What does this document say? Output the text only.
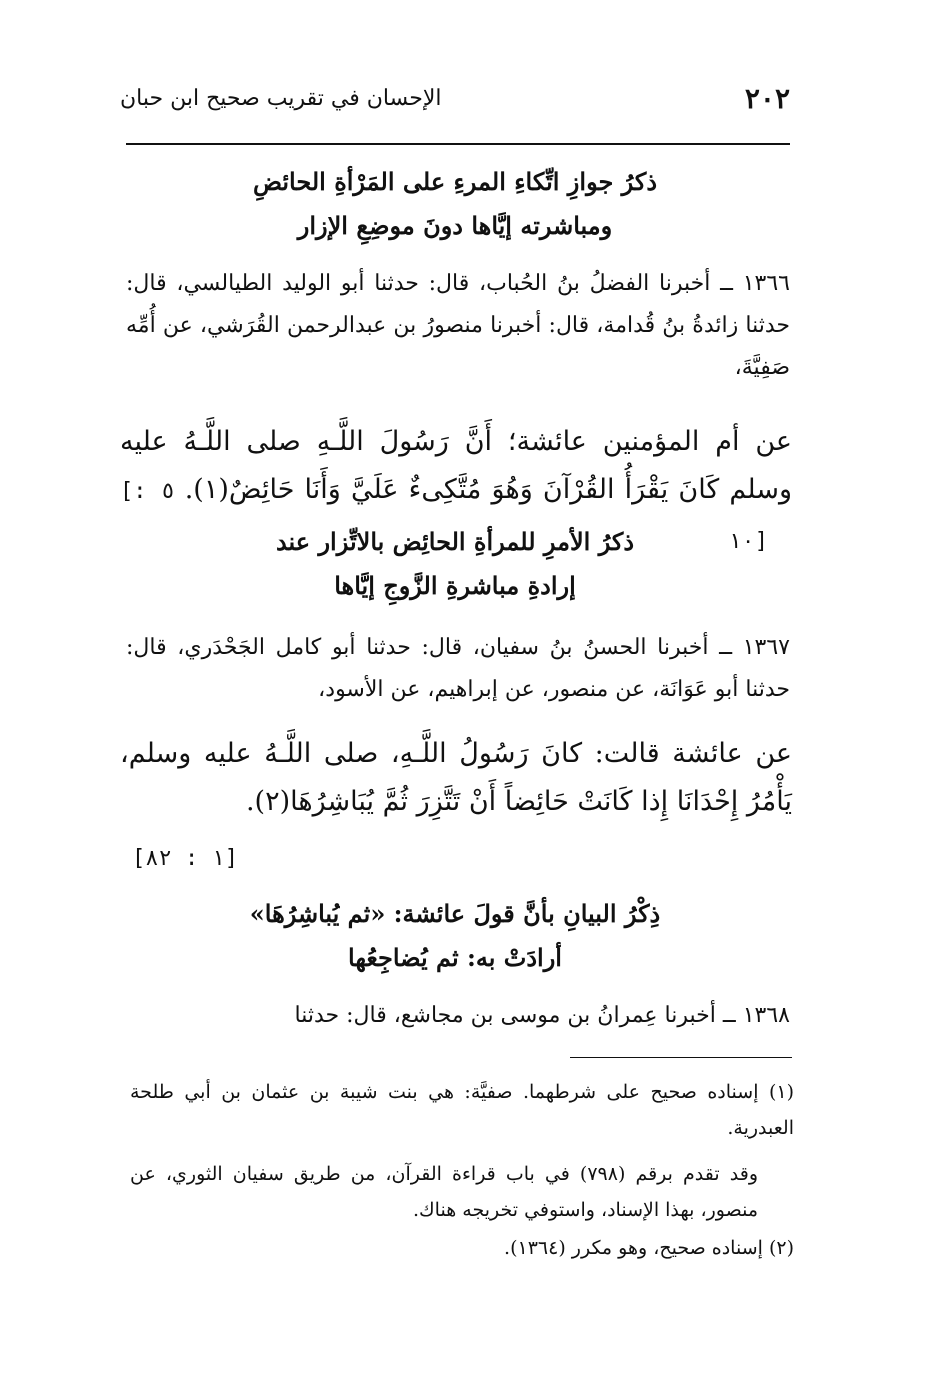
٢٠٢
الإحسان في تقريب صحيح ابن حبان
ذكرُ جوازِ اتِّكاءِ المرءِ على المَرْأةِ الحائضِ
ومباشرته إيَّاها دونَ موضِعِ الإزار
١٣٦٦ ــ أخبرنا الفضلُ بنُ الحُباب، قال: حدثنا أبو الوليد الطيالسي، قال: حدثنا زائدةُ بنُ قُدامة، قال: أخبرنا منصورُ بن عبدالرحمن القُرَشي، عن أُمِّه صَفِيَّةَ،
عن أم المؤمنين عائشة؛ أَنَّ رَسُولَ اللَّـهِ صلى اللَّـهُ عليه وسلم كَانَ يَقْرَأُ القُرْآنَ وَهُوَ مُتَّكِىءٌ عَلَيَّ وَأَنَا حَائِضٌ(١). [٥ : ١٠]
ذكرُ الأمرِ للمرأةِ الحائِض بالاتِّزار عند
إرادةِ مباشرةِ الزَّوجِ إيَّاها
١٣٦٧ ــ أخبرنا الحسنُ بنُ سفيان، قال: حدثنا أبو كامل الجَحْدَري، قال: حدثنا أبو عَوَانَة، عن منصور، عن إبراهيم، عن الأسود،
عن عائشة قالت: كانَ رَسُولُ اللَّـهِ، صلى اللَّـهُ عليه وسلم، يَأْمُرُ إِحْدَانَا إِذا كَانَتْ حَائِضاً أَنْ تَتَّزِرَ ثُمَّ يُبَاشِرُهَا(٢).
[١ : ٨٢]
ذِكْرُ البيانِ بأنَّ قولَ عائشة: «ثم يُباشِرُهَا»
أرادَتْ به: ثم يُضاجِعُها
١٣٦٨ ــ أخبرنا عِمرانُ بن موسى بن مجاشع، قال: حدثنا
(١) إسناده صحيح على شرطهما. صفيَّة: هي بنت شيبة بن عثمان بن أبي طلحة العبدرية.
وقد تقدم برقم (٧٩٨) في باب قراءة القرآن، من طريق سفيان الثوري، عن منصور، بهذا الإسناد، واستوفي تخريجه هناك.
(٢) إسناده صحيح، وهو مكرر (١٣٦٤).
